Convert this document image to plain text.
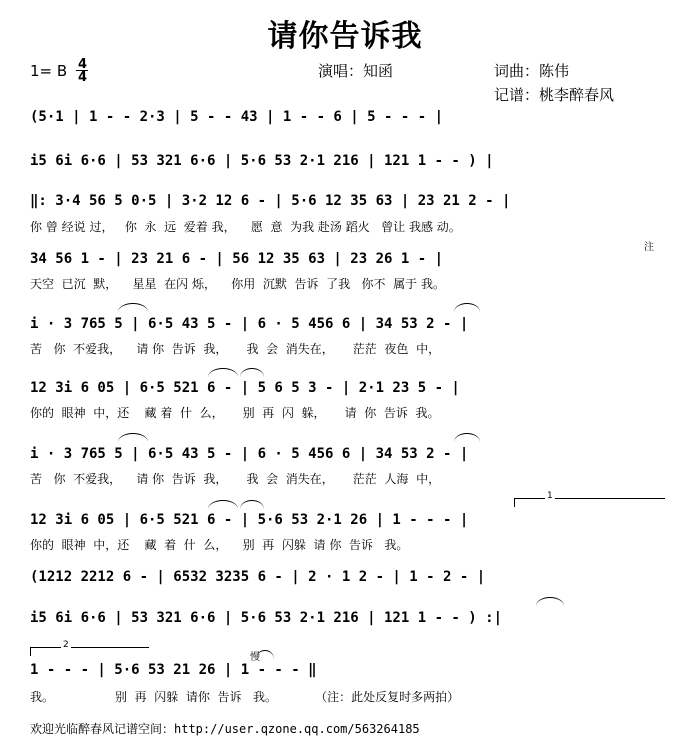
请你告诉我
1= B 4
4	演唱：知函	词曲：陈伟
记谱：桃李醉春风
(5·1 | 1 - - 2·3 | 5 - - 43 | 1 - - 6 | 5 - - - |
i5 6i 6·6 | 53 321 6·6 | 5·6 53 2·1 216 | 121 1 - - ) |
‖: 3·4 56 5 0·5 | 3·2 12 6 - | 5·6 12 35 63 | 23 21 2 - |
你 曾 经说 过，   你  永  远  爱着 我，    愿  意  为我 赴汤 蹈火   曾让 我感 动。
34 56 1 - | 23 21 6 - | 56 12 35 63 | 23 26 1 - |
天空  已沉  默，    星星  在闪 烁，    你用  沉默  告诉  了我   你不  属于 我。
注
i · 3 765 5 | 6·5 43 5 - | 6 · 5 456 6 | 34 53 2 - |
苦   你  不爱我，    请 你  告诉  我，     我  会  消失在，     茫茫  夜色  中，
12 3i 6 05 | 6·5 521 6 - | 5 6 5 3 - | 2·1 23 5 - |
你的  眼神  中，还    藏 着  什  么，     别  再  闪  躲，     请  你  告诉  我。
i · 3 765 5 | 6·5 43 5 - | 6 · 5 456 6 | 34 53 2 - |
苦   你  不爱我，    请 你  告诉  我，     我  会  消失在，     茫茫  人海  中，
1
12 3i 6 05 | 6·5 521 6 - | 5·6 53 2·1 26 | 1 - - - |
你的  眼神  中，还    藏  着  什  么，    别  再  闪躲  请 你  告诉   我。
(1212 2212 6 - | 6532 3235 6 - | 2 · 1 2 - | 1 - 2 - |
i5 6i 6·6 | 53 321 6·6 | 5·6 53 2·1 216 | 121 1 - - ) :|
2
慢
1 - - - | 5·6 53 21 26 | 1 - - - ‖
我。                别  再  闪躲  请你  告诉   我。          （注：此处反复时多两拍）
欢迎光临醉春风记谱空间：http://user.qzone.qq.com/563264185
